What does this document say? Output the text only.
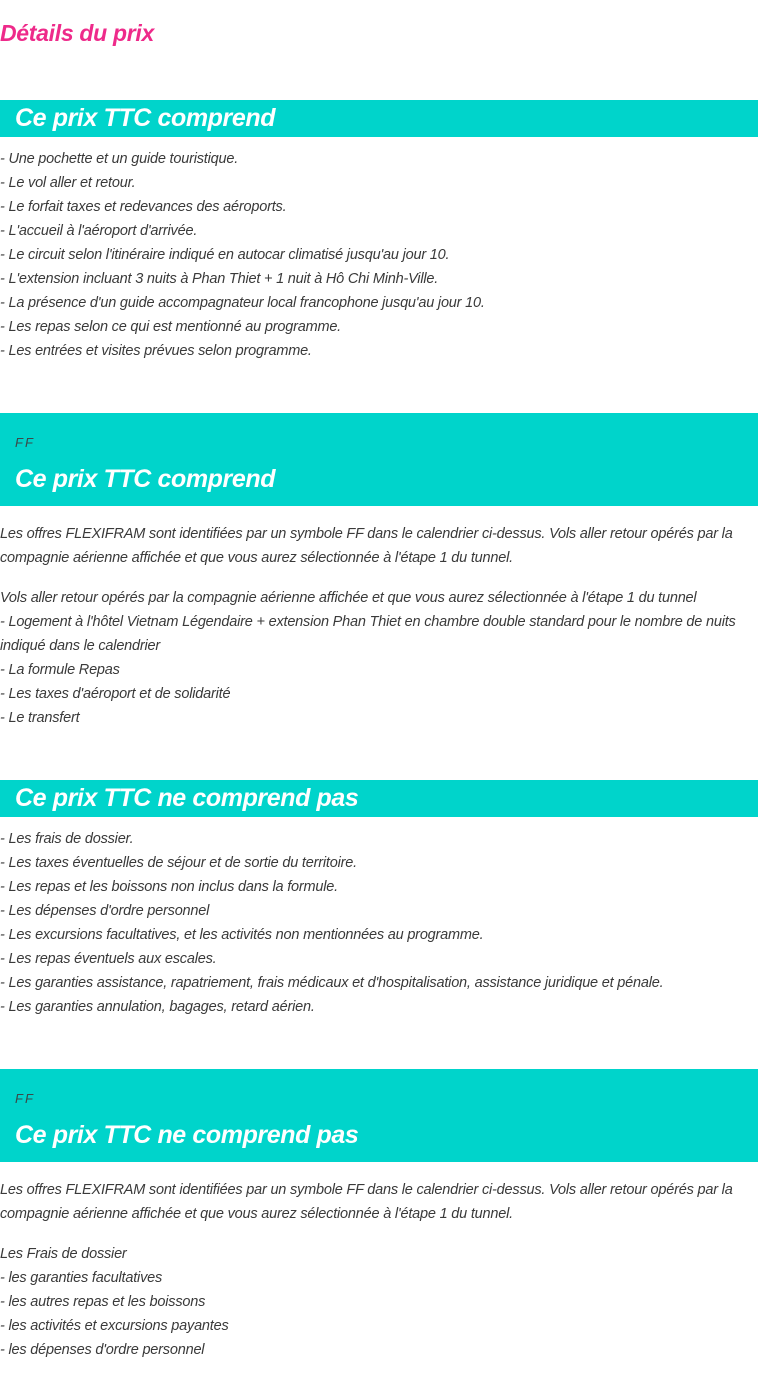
Détails du prix
Ce prix TTC comprend
- Une pochette et un guide touristique.
- Le vol aller et retour.
- Le forfait taxes et redevances des aéroports.
- L'accueil à l'aéroport d'arrivée.
- Le circuit selon l'itinéraire indiqué en autocar climatisé jusqu'au jour 10.
- L'extension incluant 3 nuits à Phan Thiet + 1 nuit à Hô Chi Minh-Ville.
- La présence d'un guide accompagnateur local francophone jusqu'au jour 10.
- Les repas selon ce qui est mentionné au programme.
- Les entrées et visites prévues selon programme.
FF
Ce prix TTC comprend
Les offres FLEXIFRAM sont identifiées par un symbole FF dans le calendrier ci-dessus. Vols aller retour opérés par la compagnie aérienne affichée et que vous aurez sélectionnée à l'étape 1 du tunnel.
Vols aller retour opérés par la compagnie aérienne affichée et que vous aurez sélectionnée à l'étape 1 du tunnel
- Logement à l'hôtel Vietnam Légendaire + extension Phan Thiet en chambre double standard pour le nombre de nuits indiqué dans le calendrier
- La formule Repas
- Les taxes d'aéroport et de solidarité
- Le transfert
Ce prix TTC ne comprend pas
- Les frais de dossier.
- Les taxes éventuelles de séjour et de sortie du territoire.
- Les repas et les boissons non inclus dans la formule.
- Les dépenses d'ordre personnel
- Les excursions facultatives, et les activités non mentionnées au programme.
- Les repas éventuels aux escales.
- Les garanties assistance, rapatriement, frais médicaux et d'hospitalisation, assistance juridique et pénale.
- Les garanties annulation, bagages, retard aérien.
FF
Ce prix TTC ne comprend pas
Les offres FLEXIFRAM sont identifiées par un symbole FF dans le calendrier ci-dessus. Vols aller retour opérés par la compagnie aérienne affichée et que vous aurez sélectionnée à l'étape 1 du tunnel.
Les Frais de dossier
- les garanties facultatives
- les autres repas et les boissons
- les activités et excursions payantes
- les dépenses d'ordre personnel
